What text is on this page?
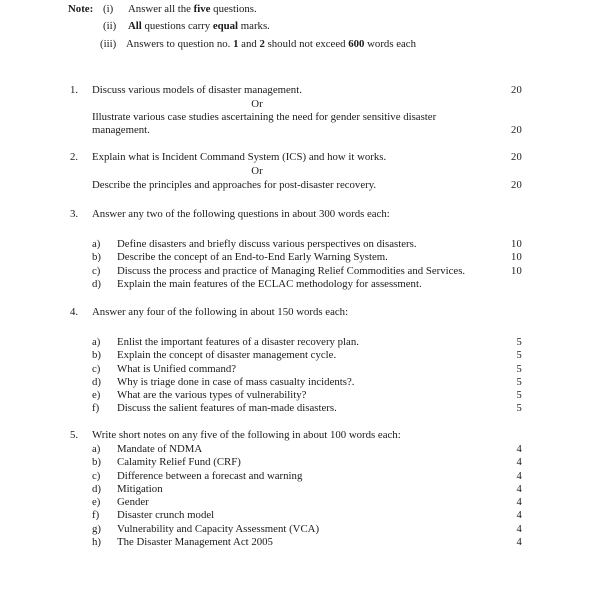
Note: (i)	Answer all the five questions.
(ii)	All questions carry equal marks.
(iii) Answers to question no. 1 and 2 should not exceed 600 words each
1.	Discuss various models of disaster management.	20
Or
Illustrate various case studies ascertaining the need for gender sensitive disaster
management.	20
2.	Explain what is Incident Command System (ICS) and how it works.	20
Or
Describe the principles and approaches for post-disaster recovery.	20
3.	Answer any two of the following questions in about 300 words each:
a)	Define disasters and briefly discuss various perspectives on disasters.	10
b)	Describe the concept of an End-to-End Early Warning System.	10
c)	Discuss the process and practice of Managing Relief Commodities and Services.	10
d)	Explain the main features of the ECLAC methodology for assessment.
4.	Answer any four of the following in about 150 words each:
a)	Enlist the important features of a disaster recovery plan.	5
b)	Explain the concept of disaster management cycle.	5
c)	What is Unified command?	5
d)	Why is triage done in case of mass casualty incidents?.	5
e)	What are the various types of vulnerability?	5
f)	Discuss the salient features of man-made disasters.	5
5.	Write short notes on any five of the following in about 100 words each:
a)	Mandate of NDMA	4
b)	Calamity Relief Fund (CRF)	4
c)	Difference between a forecast and warning	4
d)	Mitigation	4
e)	Gender	4
f)	Disaster crunch model	4
g)	Vulnerability and Capacity Assessment (VCA)	4
h)	The Disaster Management Act 2005	4
